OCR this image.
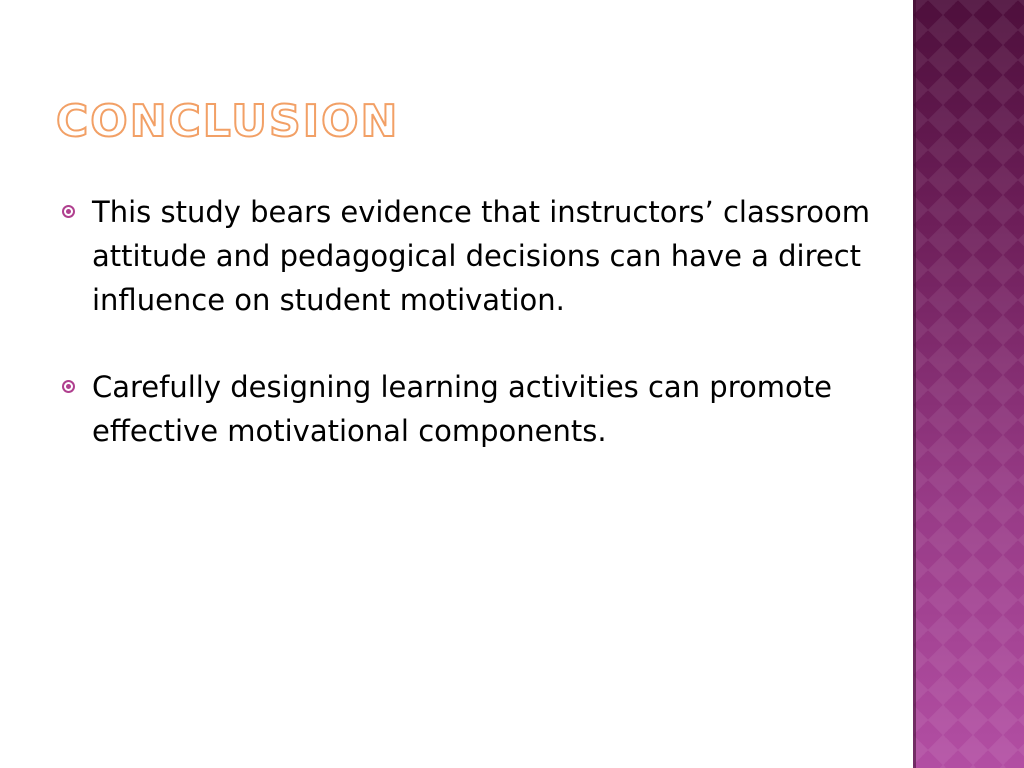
CONCLUSION
This study bears evidence that instructors’ classroom attitude and pedagogical decisions can have a direct influence on student motivation.
Carefully designing learning activities can promote effective motivational components.
